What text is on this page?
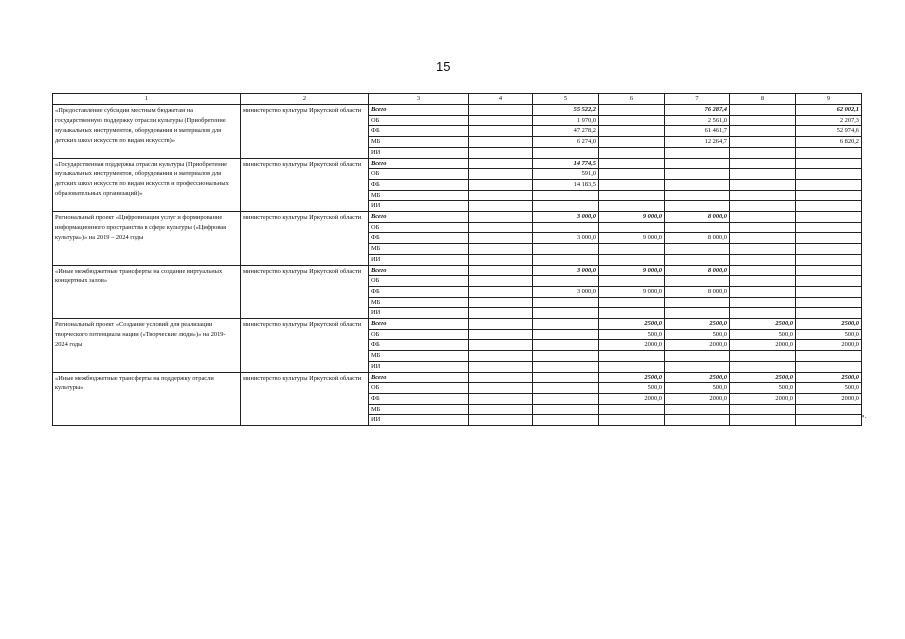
15
1	2	3	4	5	6	7	8	9
«Предоставление субсидии местным бюджетам на государственную поддержку отрасли культуры (Приобретение музыкальных инструментов, оборудования и материалов для детских школ искусств по видам искусств)»	министерство культуры Иркутской области	Всего		55 522,2		76 287,4		62 002,1
		ОБ		1 970,0		2 561,0		2 207,3
		ФБ		47 278,2		61 461,7		52 974,6
		МБ		6 274,0		12 264,7		6 820,2
		ИИ						
«Государственная поддержка отрасли культуры (Приобретение музыкальных инструментов, оборудования и материалов для детских школ искусств по видам искусств и профессиональных образовательных организаций)»	министерство культуры Иркутской области	Всего		14 774,5				
		ОБ		591,0				
		ФБ		14 183,5				
		МБ						
		ИИ						
Региональный проект «Цифровизация услуг и формирование информационного пространства в сфере культуры («Цифровая культура»)» на 2019 – 2024 годы	министерство культуры Иркутской области	Всего		3 000,0	9 000,0	8 000,0		
		ОБ						
		ФБ		3 000,0	9 000,0	8 000,0		
		МБ						
		ИИ						
«Иные межбюджетные трансферты на создание виртуальных концертных залов»	министерство культуры Иркутской области	Всего		3 000,0	9 000,0	8 000,0		
		ОБ						
		ФБ		3 000,0	9 000,0	8 000,0		
		МБ						
		ИИ						
Региональный проект «Создание условий для реализации творческого потенциала нации («Творческие люди»)» на 2019-2024 годы	министерство культуры Иркутской области	Всего			2500,0	2500,0	2500,0	2500,0
		ОБ			500,0	500,0	500,0	500,0
		ФБ			2000,0	2000,0	2000,0	2000,0
		МБ						
		ИИ						
«Иные межбюджетные трансферты на поддержку отрасли культуры»	министерство культуры Иркутской области	Всего			2500,0	2500,0	2500,0	2500,0
		ОБ			500,0	500,0	500,0	500,0
		ФБ			2000,0	2000,0	2000,0	2000,0
		МБ						
		ИИ							».
